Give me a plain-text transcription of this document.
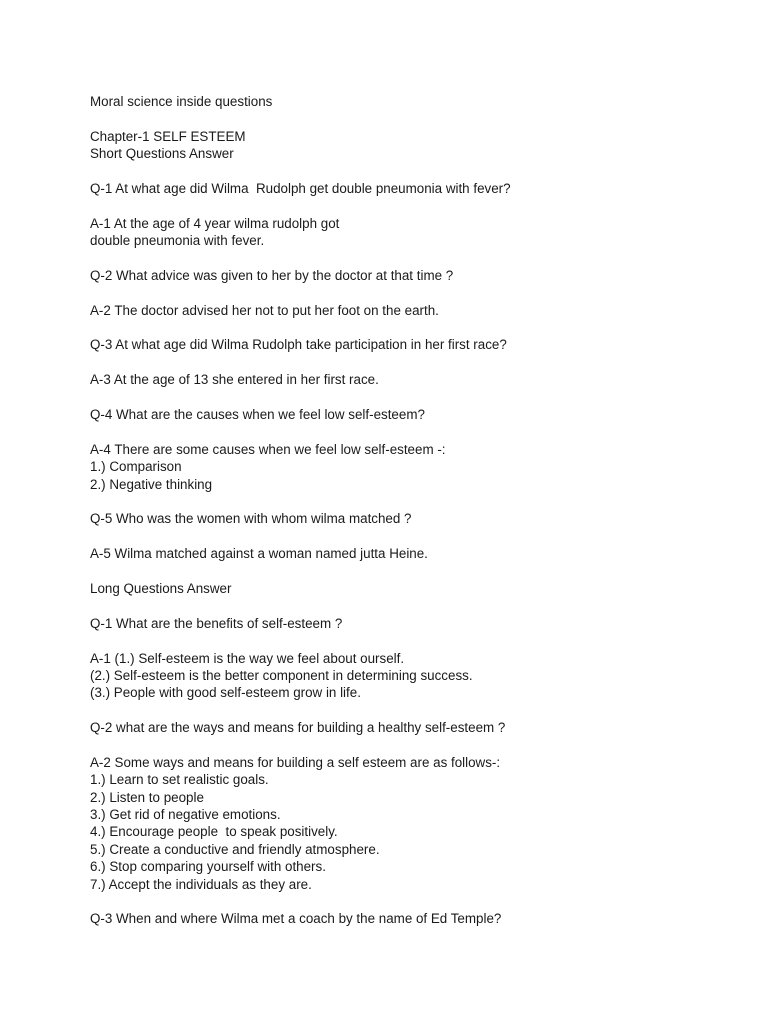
Moral science inside questions
Chapter-1 SELF ESTEEM
Short Questions Answer
Q-1 At what age did Wilma  Rudolph get double pneumonia with fever?
A-1 At the age of 4 year wilma rudolph got
double pneumonia with fever.
Q-2 What advice was given to her by the doctor at that time ?
A-2 The doctor advised her not to put her foot on the earth.
Q-3 At what age did Wilma Rudolph take participation in her first race?
A-3 At the age of 13 she entered in her first race.
Q-4 What are the causes when we feel low self-esteem?
A-4 There are some causes when we feel low self-esteem -:
1.) Comparison
2.) Negative thinking
Q-5 Who was the women with whom wilma matched ?
A-5 Wilma matched against a woman named jutta Heine.
Long Questions Answer
Q-1 What are the benefits of self-esteem ?
A-1 (1.) Self-esteem is the way we feel about ourself.
(2.) Self-esteem is the better component in determining success.
(3.) People with good self-esteem grow in life.
Q-2 what are the ways and means for building a healthy self-esteem ?
A-2 Some ways and means for building a self esteem are as follows-:
1.) Learn to set realistic goals.
2.) Listen to people
3.) Get rid of negative emotions.
4.) Encourage people  to speak positively.
5.) Create a conductive and friendly atmosphere.
6.) Stop comparing yourself with others.
7.) Accept the individuals as they are.
Q-3 When and where Wilma met a coach by the name of Ed Temple?
